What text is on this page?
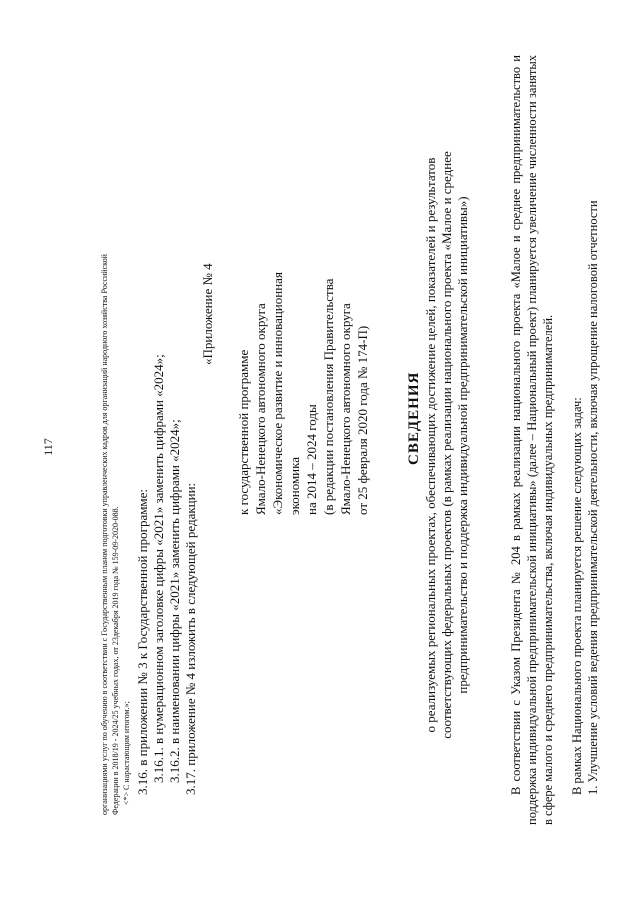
117	организациями услуг по обучению в соответствии с Государственным планом подготовки управленческих кадров для организаций народного хозяйства Российской Федерации в 2018/19 - 2024/25 учебных годах, от 23декабря 2019 года № 159-09-2020-088. <*> С нарастающим итогом.»; 3.16. в приложении № 3 к Государственной программе: 3.16.1. в нумерационном заголовке цифры «2021» заменить цифрами «2024»; 3.16.2. в наименовании цифры «2021» заменить цифрами «2024»; 3.17. приложение № 4 изложить в следующей редакции:
«Приложение № 4
к государственной программе Ямало-Ненецкого автономного округа «Экономическое развитие и инновационная экономика на 2014 – 2024 годы (в редакции постановления Правительства Ямало-Ненецкого автономного округа от 25 февраля 2020 года № 174-П) СВЕДЕНИЯ о реализуемых региональных проектах, обеспечивающих достижение целей, показателей и результатов соответствующих федеральных проектов (в рамках реализации национального проекта «Малое и среднее предпринимательство и поддержка индивидуальной предпринимательской инициативы»)	В соответствии с Указом Президента № 204 в рамках реализации национального проекта «Малое и среднее предпринимательство и поддержка индивидуальной предпринимательской инициативы» (далее – Национальный проект) планируется увеличение численности занятых в сфере малого и среднего предпринимательства, включая индивидуальных предпринимателей. В рамках Национального проекта планируется решение следующих задач: 1. Улучшение условий ведения предпринимательской деятельности, включая упрощение налоговой отчетности
